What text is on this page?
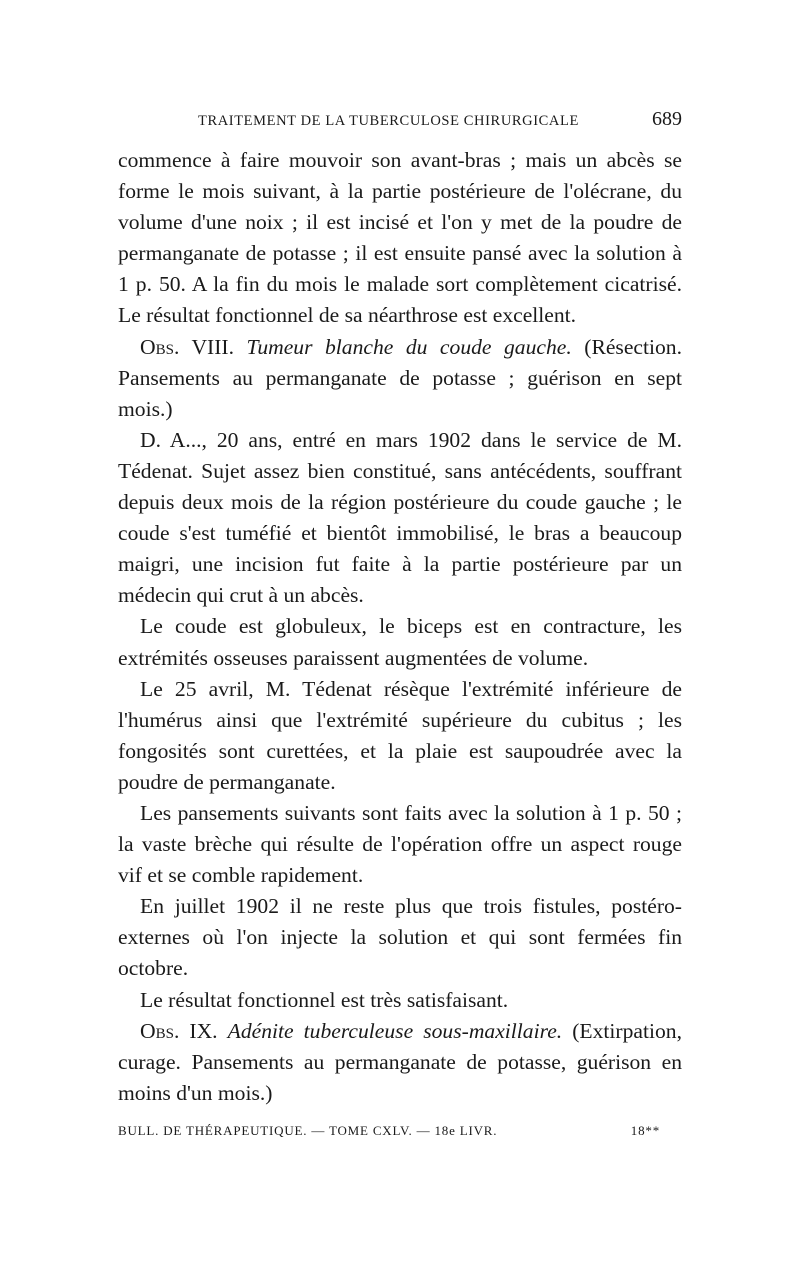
TRAITEMENT DE LA TUBERCULOSE CHIRURGICALE	689

commence à faire mouvoir son avant-bras ; mais un abcès se forme le mois suivant, à la partie postérieure de l'olécrane, du volume d'une noix ; il est incisé et l'on y met de la poudre de permanganate de potasse ; il est ensuite pansé avec la solution à 1 p. 50. A la fin du mois le malade sort complètement cicatrisé. Le résultat fonctionnel de sa néarthrose est excellent.

Obs. VIII. Tumeur blanche du coude gauche. (Résection. Pansements au permanganate de potasse ; guérison en sept mois.)

D. A..., 20 ans, entré en mars 1902 dans le service de M. Tédenat. Sujet assez bien constitué, sans antécédents, souffrant depuis deux mois de la région postérieure du coude gauche ; le coude s'est tuméfié et bientôt immobilisé, le bras a beaucoup maigri, une incision fut faite à la partie postérieure par un médecin qui crut à un abcès.

Le coude est globuleux, le biceps est en contracture, les extrémités osseuses paraissent augmentées de volume.

Le 25 avril, M. Tédenat résèque l'extrémité inférieure de l'humérus ainsi que l'extrémité supérieure du cubitus ; les fongosités sont curettées, et la plaie est saupoudrée avec la poudre de permanganate.

Les pansements suivants sont faits avec la solution à 1 p. 50 ; la vaste brèche qui résulte de l'opération offre un aspect rouge vif et se comble rapidement.

En juillet 1902 il ne reste plus que trois fistules, postéro-externes où l'on injecte la solution et qui sont fermées fin octobre.

Le résultat fonctionnel est très satisfaisant.

Obs. IX. Adénite tuberculeuse sous-maxillaire. (Extirpation, curage. Pansements au permanganate de potasse, guérison en moins d'un mois.)

BULL. DE THÉRAPEUTIQUE. — TOME CXLV. — 18e LIVR.	18**
